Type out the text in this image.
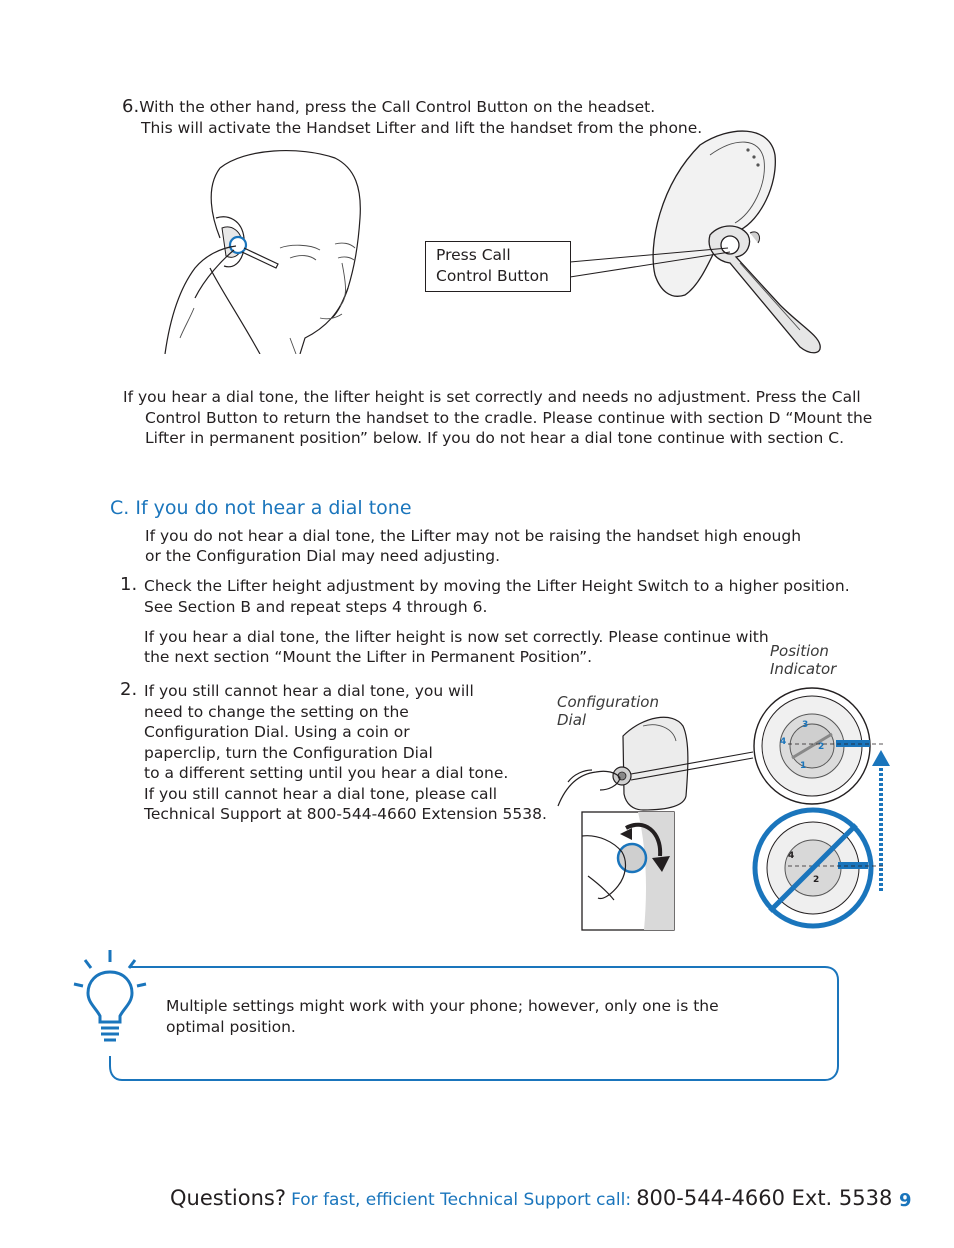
6.With the other hand, press the Call Control Button on the headset.
This will activate the Handset Lifter and lift the handset from the phone.
Press Call
Control Button
If you hear a dial tone, the lifter height is set correctly and needs no adjustment. Press the Call
Control Button to return the handset to the cradle. Please continue with section D “Mount the
Lifter in permanent position” below. If you do not hear a dial tone continue with section C.
C. If you do not hear a dial tone
If you do not hear a dial tone, the Lifter may not be raising the handset high enough
or the Configuration Dial may need adjusting.
1. Check the Lifter height adjustment by moving the Lifter Height Switch to a higher position.
See Section B and repeat steps 4 through 6.
If you hear a dial tone, the lifter height is now set correctly. Please continue with
the next section “Mount the Lifter in Permanent Position”.
2. If you still cannot hear a dial tone, you will
need to change the setting on the
Configuration Dial. Using a coin or
paperclip, turn the Configuration Dial
to a different setting until you hear a dial tone.
If you still cannot hear a dial tone, please call
Technical Support at 800-544-4660 Extension 5538.
Position
Indicator
Configuration
Dial	3
4
1
2
4
2
Multiple settings might work with your phone; however, only one is the
optimal position.
Questions? For fast, efficient Technical Support call: 800-544-4660 Ext. 5538 9
